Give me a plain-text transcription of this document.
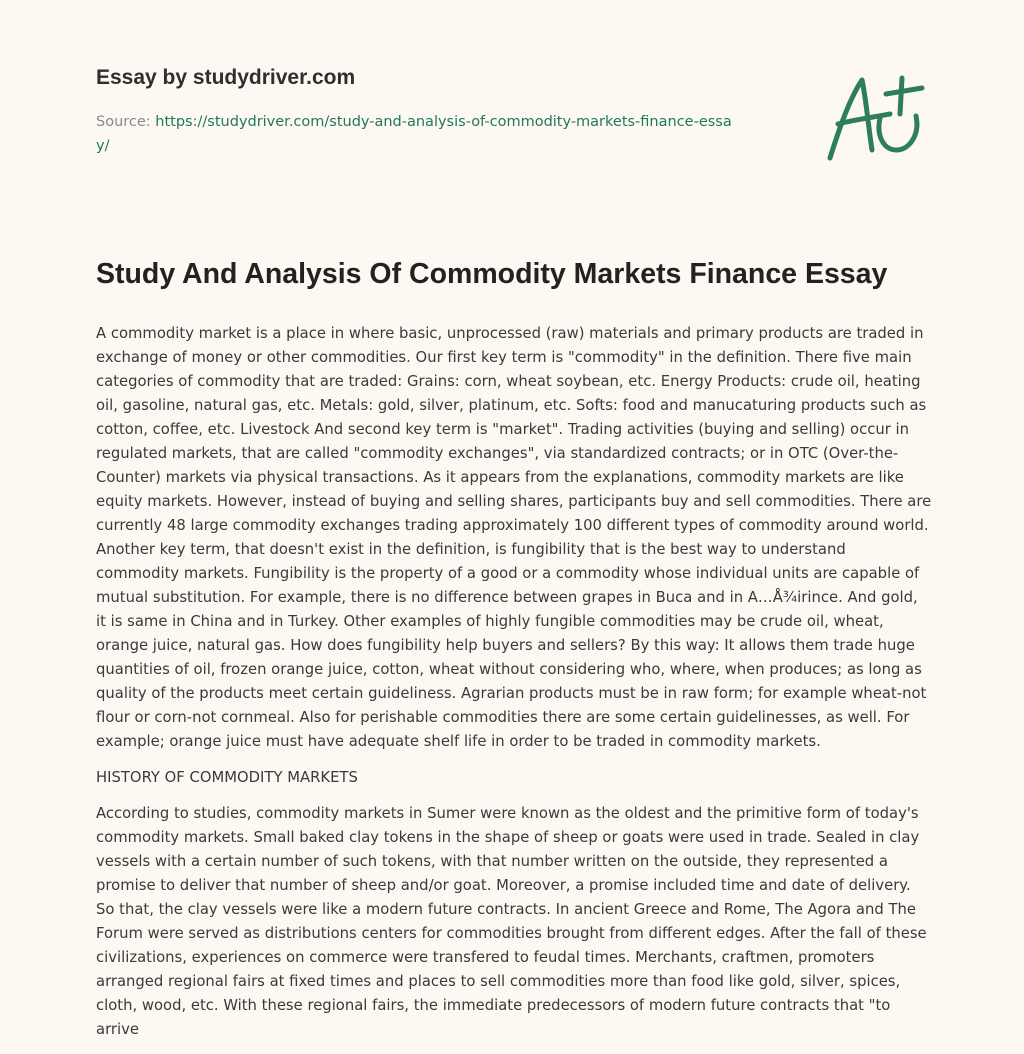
Essay by studydriver.com
Source: https://studydriver.com/study-and-analysis-of-commodity-markets-finance-essay/
Study And Analysis Of Commodity Markets Finance Essay

A commodity market is a place in where basic, unprocessed (raw) materials and primary products are traded in exchange of money or other commodities. Our first key term is "commodity" in the definition. There five main categories of commodity that are traded: Grains: corn, wheat soybean, etc. Energy Products: crude oil, heating oil, gasoline, natural gas, etc. Metals: gold, silver, platinum, etc. Softs: food and manucaturing products such as cotton, coffee, etc. Livestock And second key term is "market". Trading activities (buying and selling) occur in regulated markets, that are called "commodity exchanges", via standardized contracts; or in OTC (Over-the-Counter) markets via physical transactions. As it appears from the explanations, commodity markets are like equity markets. However, instead of buying and selling shares, participants buy and sell commodities. There are currently 48 large commodity exchanges trading approximately 100 different types of commodity around world. Another key term, that doesn't exist in the definition, is fungibility that is the best way to understand commodity markets. Fungibility is the property of a good or a commodity whose individual units are capable of mutual substitution. For example, there is no difference between grapes in Buca and in A…Å¾irince. And gold, it is same in China and in Turkey. Other examples of highly fungible commodities may be crude oil, wheat, orange juice, natural gas. How does fungibility help buyers and sellers? By this way: It allows them trade huge quantities of oil, frozen orange juice, cotton, wheat without considering who, where, when produces; as long as quality of the products meet certain guideliness. Agrarian products must be in raw form; for example wheat-not flour or corn-not cornmeal. Also for perishable commodities there are some certain guidelinesses, as well. For example; orange juice must have adequate shelf life in order to be traded in commodity markets.

HISTORY OF COMMODITY MARKETS

According to studies, commodity markets in Sumer were known as the oldest and the primitive form of today's commodity markets. Small baked clay tokens in the shape of sheep or goats were used in trade. Sealed in clay vessels with a certain number of such tokens, with that number written on the outside, they represented a promise to deliver that number of sheep and/or goat. Moreover, a promise included time and date of delivery. So that, the clay vessels were like a modern future contracts. In ancient Greece and Rome, The Agora and The Forum were served as distributions centers for commodities brought from different edges. After the fall of these civilizations, experiences on commerce were transfered to feudal times. Merchants, craftmen, promoters arranged regional fairs at fixed times and places to sell commodities more than food like gold, silver, spices, cloth, wood, etc. With these regional fairs, the immediate predecessors of modern future contracts that "to arrive
